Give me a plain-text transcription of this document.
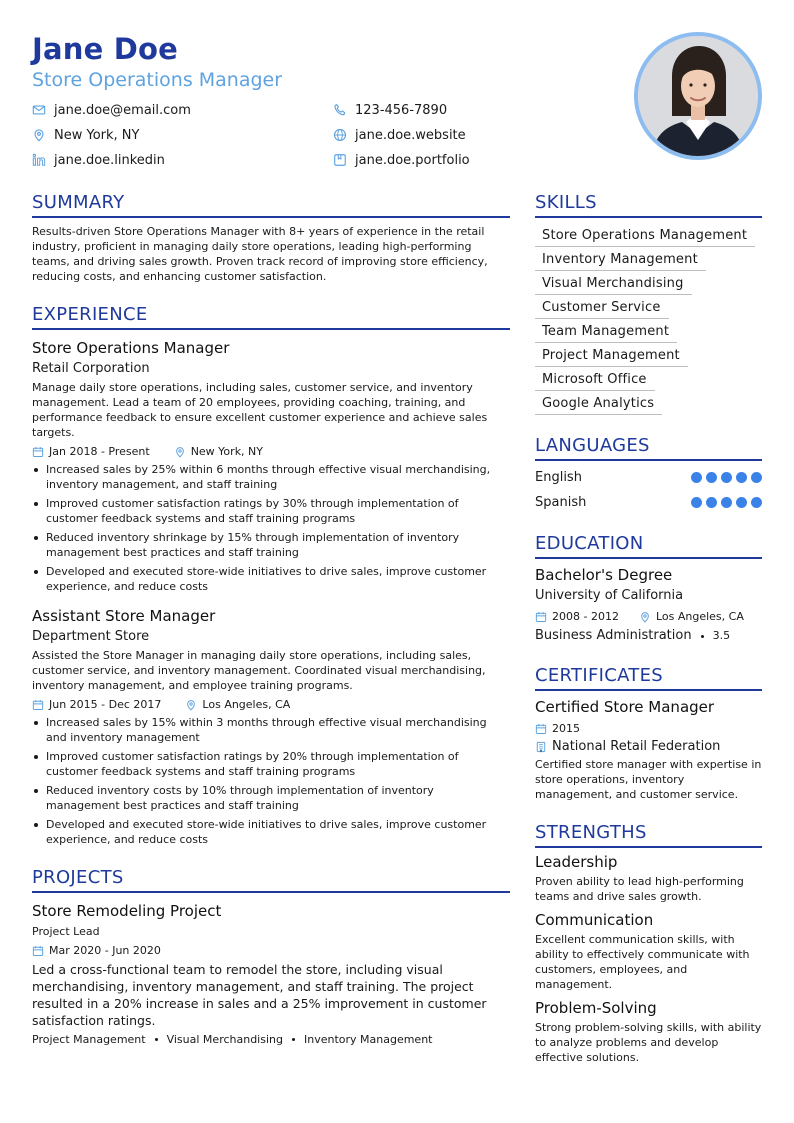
Jane Doe
Store Operations Manager
jane.doe@email.com	123-456-7890
New York, NY	jane.doe.website
jane.doe.linkedin	jane.doe.portfolio
SUMMARY
Results-driven Store Operations Manager with 8+ years of experience in the retail industry, proficient in managing daily store operations, leading high-performing teams, and driving sales growth. Proven track record of improving store efficiency, reducing costs, and enhancing customer satisfaction.
EXPERIENCE
Store Operations Manager
Retail Corporation
Manage daily store operations, including sales, customer service, and inventory management. Lead a team of 20 employees, providing coaching, training, and performance feedback to ensure excellent customer experience and achieve sales targets.
Jan 2018 - Present	New York, NY
Increased sales by 25% within 6 months through effective visual merchandising, inventory management, and staff training
Improved customer satisfaction ratings by 30% through implementation of customer feedback systems and staff training programs
Reduced inventory shrinkage by 15% through implementation of inventory management best practices and staff training
Developed and executed store-wide initiatives to drive sales, improve customer experience, and reduce costs
Assistant Store Manager
Department Store
Assisted the Store Manager in managing daily store operations, including sales, customer service, and inventory management. Coordinated visual merchandising, inventory management, and employee training programs.
Jun 2015 - Dec 2017	Los Angeles, CA
Increased sales by 15% within 3 months through effective visual merchandising and inventory management
Improved customer satisfaction ratings by 20% through implementation of customer feedback systems and staff training programs
Reduced inventory costs by 10% through implementation of inventory management best practices and staff training
Developed and executed store-wide initiatives to drive sales, improve customer experience, and reduce costs
PROJECTS
Store Remodeling Project
Project Lead
Mar 2020 - Jun 2020
Led a cross-functional team to remodel the store, including visual merchandising, inventory management, and staff training. The project resulted in a 20% increase in sales and a 25% improvement in customer satisfaction ratings.
Project Management Visual Merchandising Inventory Management
SKILLS
Store Operations Management
Inventory Management
Visual Merchandising
Customer Service
Team Management
Project Management
Microsoft Office
Google Analytics
LANGUAGES
English
Spanish
EDUCATION
Bachelor's Degree
University of California
2008 - 2012	Los Angeles, CA
Business Administration 3.5
CERTIFICATES
Certified Store Manager
2015
National Retail Federation
Certified store manager with expertise in store operations, inventory management, and customer service.
STRENGTHS
Leadership
Proven ability to lead high-performing teams and drive sales growth.
Communication
Excellent communication skills, with ability to effectively communicate with customers, employees, and management.
Problem-Solving
Strong problem-solving skills, with ability to analyze problems and develop effective solutions.
